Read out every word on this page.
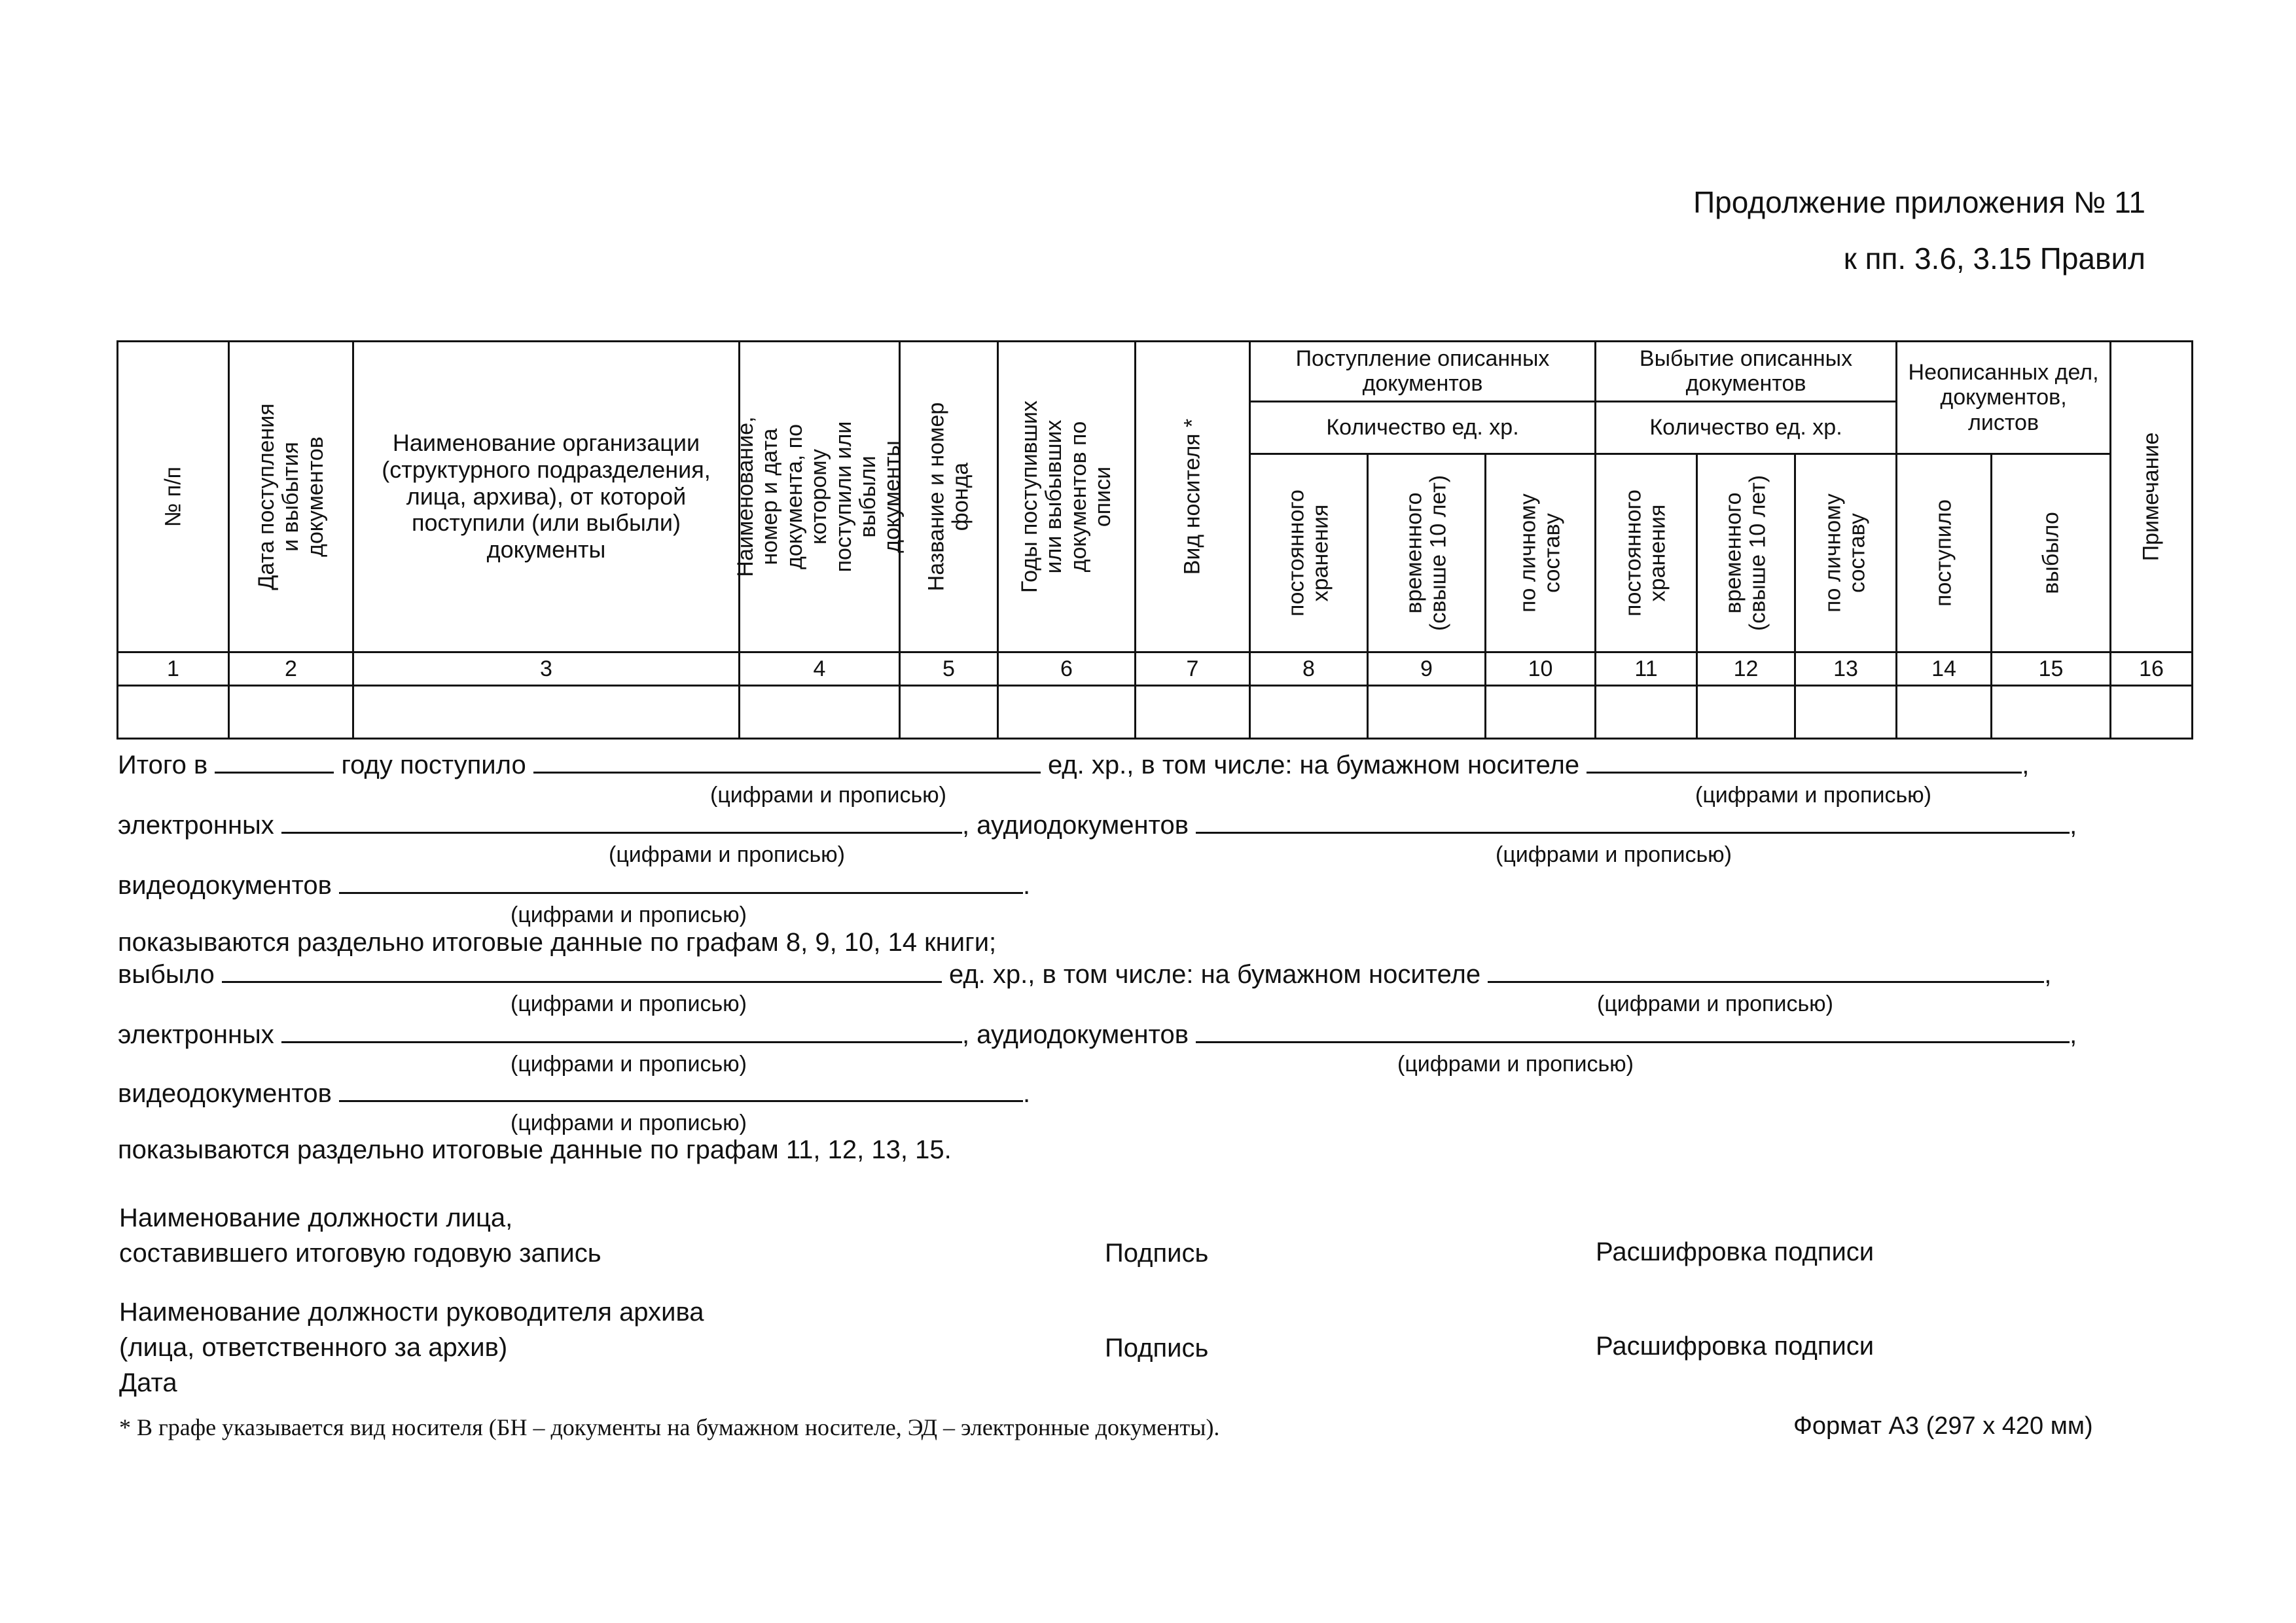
Продолжение приложения № 11
к пп. 3.6, 3.15 Правил
№ п/п	Дата поступления и выбытия документов	Наименование организации (структурного подразделения, лица, архива), от которой поступили (или выбыли) документы	Наименование, номер и дата документа, по которому поступили или выбыли документы	Название и номер фонда	Годы поступивших или выбывших документов по описи	Вид носителя *	Поступление описанных документов			Выбытие описанных документов			Неописанных дел, документов, листов		Примечание

							Количество ед. хр.			Количество ед. хр.					

							постоянного хранения	временного (свыше 10 лет)	по личному составу	постоянного хранения	временного (свыше 10 лет)	по личному составу	поступило	выбыло	

1	2	3	4	5	6	7	8	9	10	11	12	13	14	15	16

Итого в	году поступило	ед. хр., в том числе: на бумажном носителе	,
(цифрами и прописью)	(цифрами и прописью)
электронных	, аудиодокументов	,
(цифрами и прописью)	(цифрами и прописью)
видеодокументов	.
(цифрами и прописью)
показываются раздельно итоговые данные по графам 8, 9, 10, 14 книги;
выбыло	ед. хр., в том числе: на бумажном носителе	,
(цифрами и прописью)	(цифрами и прописью)
электронных	, аудиодокументов	,
(цифрами и прописью)	(цифрами и прописью)
видеодокументов	.
(цифрами и прописью)
показываются раздельно итоговые данные по графам 11, 12, 13, 15.
Наименование должности лица,
составившего итоговую годовую запись	Подпись	Расшифровка подписи
Наименование должности руководителя архива
(лица, ответственного за архив)
Дата
Подпись	Расшифровка подписи
* В графе указывается вид носителя (БН – документы на бумажном носителе, ЭД – электронные документы).	Формат А3 (297 x 420 мм)
